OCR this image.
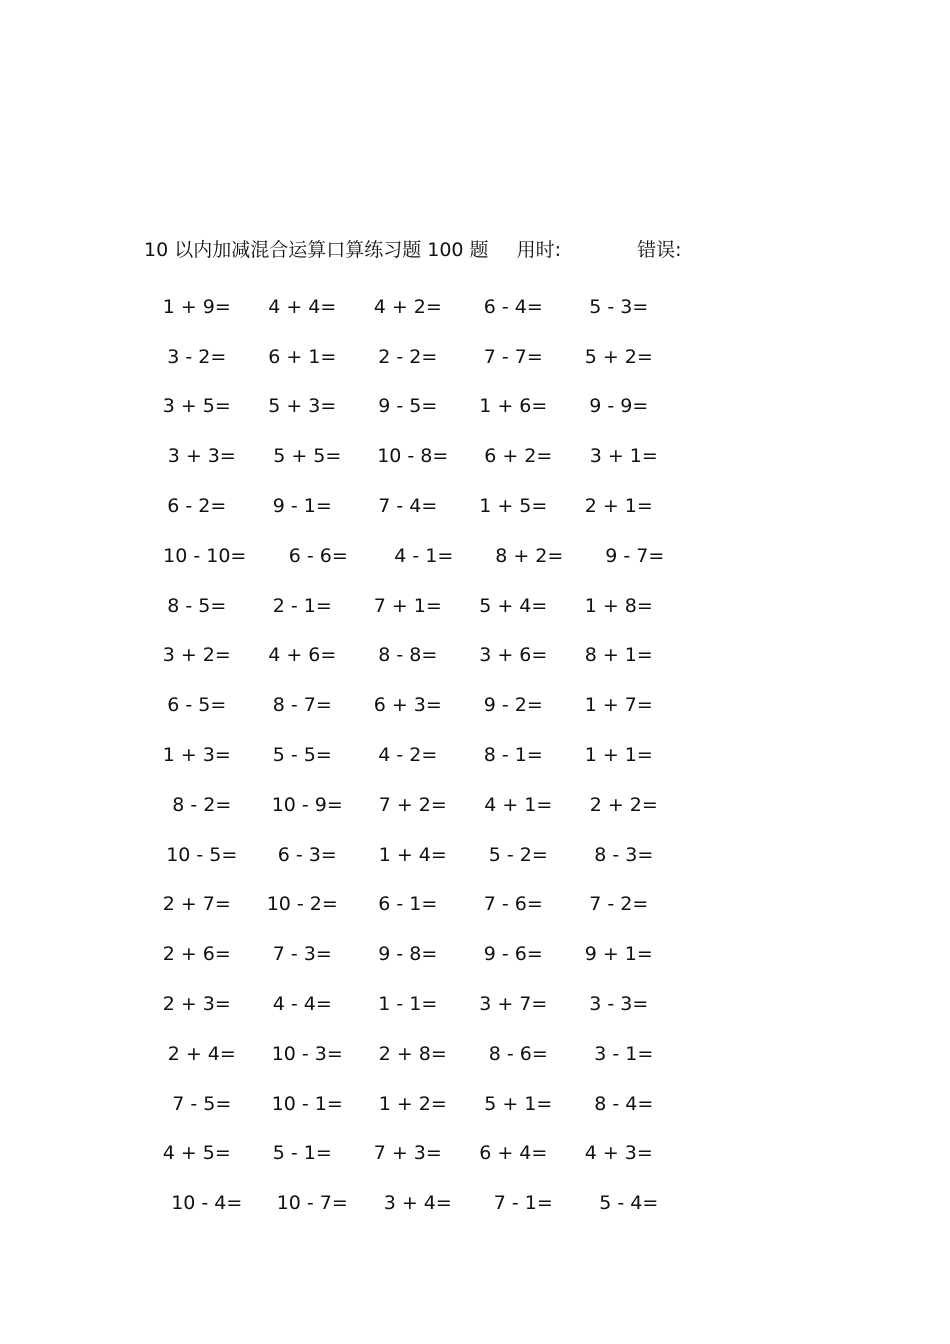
10 以内加减混合运算口算练习题 100 题 用时:	错误:
1 + 9=	4 + 4=	4 + 2=	6 - 4=	5 - 3=
3 - 2=	6 + 1=	2 - 2=	7 - 7=	5 + 2=
3 + 5=	5 + 3=	9 - 5=	1 + 6=	9 - 9=
3 + 3=	5 + 5=	10 - 8=	6 + 2=	3 + 1=
6 - 2=	9 - 1=	7 - 4=	1 + 5=	2 + 1=
10 - 10=	6 - 6=	4 - 1=	8 + 2=	9 - 7=
8 - 5=	2 - 1=	7 + 1=	5 + 4=	1 + 8=
3 + 2=	4 + 6=	8 - 8=	3 + 6=	8 + 1=
6 - 5=	8 - 7=	6 + 3=	9 - 2=	1 + 7=
1 + 3=	5 - 5=	4 - 2=	8 - 1=	1 + 1=
8 - 2=	10 - 9=	7 + 2=	4 + 1=	2 + 2=
10 - 5=	6 - 3=	1 + 4=	5 - 2=	8 - 3=
2 + 7=	10 - 2=	6 - 1=	7 - 6=	7 - 2=
2 + 6=	7 - 3=	9 - 8=	9 - 6=	9 + 1=
2 + 3=	4 - 4=	1 - 1=	3 + 7=	3 - 3=
2 + 4=	10 - 3=	2 + 8=	8 - 6=	3 - 1=
7 - 5=	10 - 1=	1 + 2=	5 + 1=	8 - 4=
4 + 5=	5 - 1=	7 + 3=	6 + 4=	4 + 3=
10 - 4=	10 - 7=	3 + 4=	7 - 1=	5 - 4=
